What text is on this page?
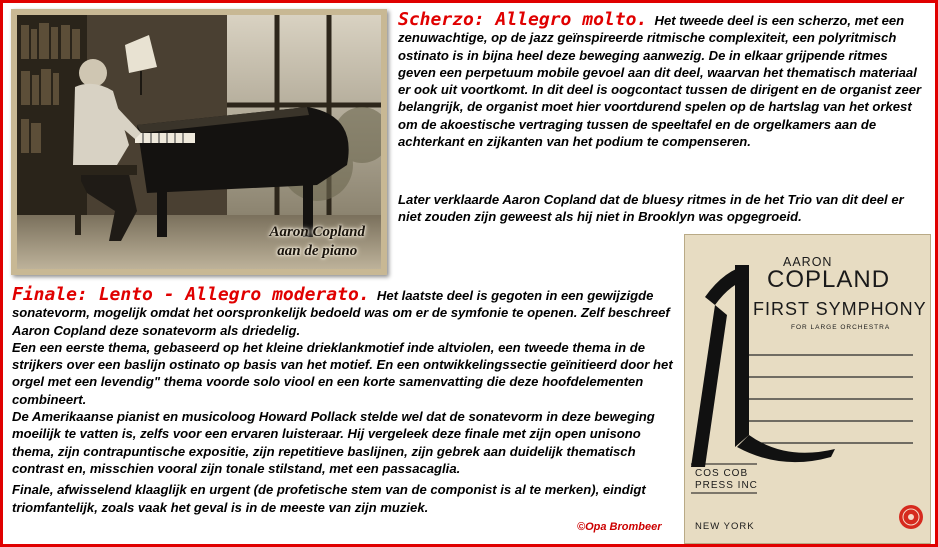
Aaron Copland
aan de piano
Scherzo: Allegro molto. Het tweede deel is een scherzo, met een zenuwachtige, op de jazz geïnspireerde ritmische complexiteit, een polyritmisch ostinato is in bijna heel deze beweging aanwezig. De in elkaar grijpende ritmes geven een perpetuum mobile gevoel aan dit deel, waarvan het thematisch materiaal er ook uit voortkomt. In dit deel is oogcontact tussen de dirigent en de organist zeer belangrijk, de organist moet hier voortdurend spelen op de hartslag van het orkest om de akoestische vertraging tussen de speeltafel en de orgelkamers aan de achterkant en zijkanten van het podium te compenseren.
Later verklaarde Aaron Copland dat de bluesy ritmes in de het Trio van dit deel er niet zouden zijn geweest als hij niet in Brooklyn was opgegroeid.
Finale: Lento - Allegro moderato. Het laatste deel is gegoten in een gewijzigde sonatevorm, mogelijk omdat het oorspronkelijk bedoeld was om er de symfonie te openen. Zelf beschreef Aaron Copland deze sonatevorm als driedelig.
Een een eerste thema, gebaseerd op het kleine drieklankmotief inde altviolen, een tweede thema in de strijkers over een baslijn ostinato op basis van het motief. En een ontwikkelingssectie geïnitieerd door het orgel met een levendig" thema voorde solo viool en een korte samenvatting die deze hoofdelementen combineert.
De Amerikaanse pianist en musicoloog Howard Pollack stelde wel dat de sonatevorm in deze beweging moeilijk te vatten is, zelfs voor een ervaren luisteraar. Hij vergeleek deze finale met zijn open unisono thema, zijn contrapuntische expositie, zijn repetitieve baslijnen, zijn gebrek aan duidelijk thematisch contrast en, misschien vooral zijn tonale stilstand, met een passacaglia.
Finale, afwisselend klaaglijk en urgent (de profetische stem van de componist is al te merken), eindigt triomfantelijk, zoals vaak het geval is in de meeste van zijn muziek.
©Opa Brombeer
AARON
COPLAND
FIRST SYMPHONY
FOR LARGE ORCHESTRA
COS COB
PRESS INC
NEW YORK
